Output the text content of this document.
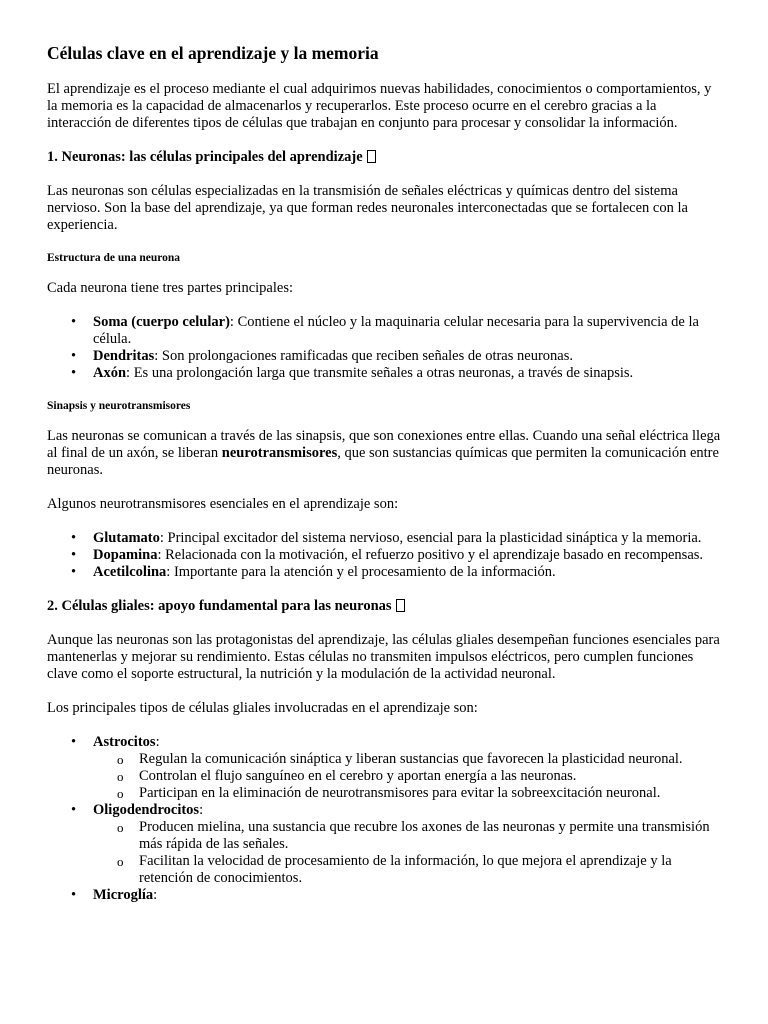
Células clave en el aprendizaje y la memoria

El aprendizaje es el proceso mediante el cual adquirimos nuevas habilidades, conocimientos o comportamientos, y la memoria es la capacidad de almacenarlos y recuperarlos. Este proceso ocurre en el cerebro gracias a la interacción de diferentes tipos de células que trabajan en conjunto para procesar y consolidar la información.

1. Neuronas: las células principales del aprendizaje

Las neuronas son células especializadas en la transmisión de señales eléctricas y químicas dentro del sistema nervioso. Son la base del aprendizaje, ya que forman redes neuronales interconectadas que se fortalecen con la experiencia.

Estructura de una neurona

Cada neurona tiene tres partes principales:

• Soma (cuerpo celular): Contiene el núcleo y la maquinaria celular necesaria para la supervivencia de la célula.
• Dendritas: Son prolongaciones ramificadas que reciben señales de otras neuronas.
• Axón: Es una prolongación larga que transmite señales a otras neuronas, a través de sinapsis.
Sinapsis y neurotransmisores

Las neuronas se comunican a través de las sinapsis, que son conexiones entre ellas. Cuando una señal eléctrica llega al final de un axón, se liberan neurotransmisores, que son sustancias químicas que permiten la comunicación entre neuronas.

Algunos neurotransmisores esenciales en el aprendizaje son:

• Glutamato: Principal excitador del sistema nervioso, esencial para la plasticidad sináptica y la memoria.
• Dopamina: Relacionada con la motivación, el refuerzo positivo y el aprendizaje basado en recompensas.
• Acetilcolina: Importante para la atención y el procesamiento de la información.
2. Células gliales: apoyo fundamental para las neuronas

Aunque las neuronas son las protagonistas del aprendizaje, las células gliales desempeñan funciones esenciales para mantenerlas y mejorar su rendimiento. Estas células no transmiten impulsos eléctricos, pero cumplen funciones clave como el soporte estructural, la nutrición y la modulación de la actividad neuronal.

Los principales tipos de células gliales involucradas en el aprendizaje son:

• Astrocitos:
o Regulan la comunicación sináptica y liberan sustancias que favorecen la plasticidad neuronal.
o Controlan el flujo sanguíneo en el cerebro y aportan energía a las neuronas.
o Participan en la eliminación de neurotransmisores para evitar la sobreexcitación neuronal.
• Oligodendrocitos:
o Producen mielina, una sustancia que recubre los axones de las neuronas y permite una transmisión más rápida de las señales.
o Facilitan la velocidad de procesamiento de la información, lo que mejora el aprendizaje y la retención de conocimientos.
• Microglía:
